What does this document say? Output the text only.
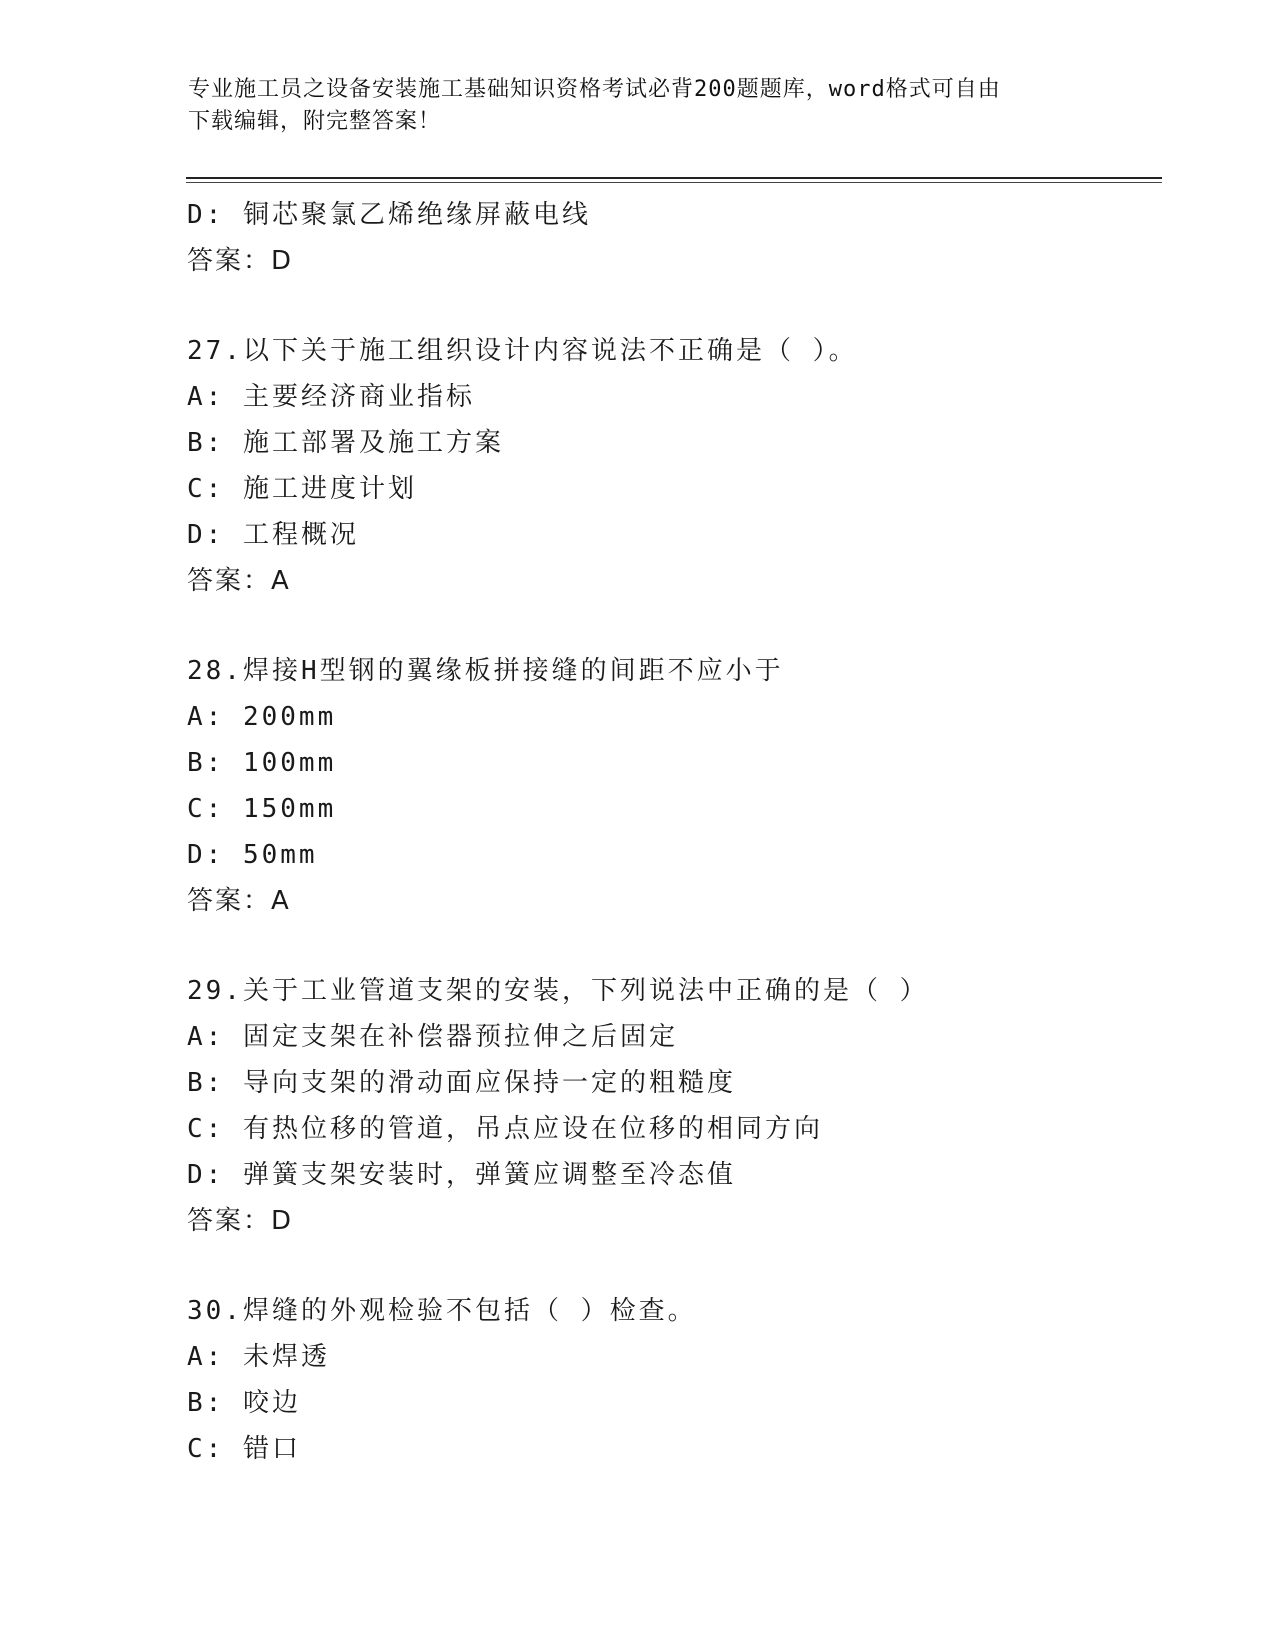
专业施工员之设备安装施工基础知识资格考试必背200题题库，word格式可自由
下载编辑，附完整答案！
D: 铜芯聚氯乙烯绝缘屏蔽电线
答案：D
27.以下关于施工组织设计内容说法不正确是（ ）。
A: 主要经济商业指标
B: 施工部署及施工方案
C: 施工进度计划
D: 工程概况
答案：A
28.焊接H型钢的翼缘板拼接缝的间距不应小于
A: 200mm
B: 100mm
C: 150mm
D: 50mm
答案：A
29.关于工业管道支架的安装，下列说法中正确的是（ ）
A: 固定支架在补偿器预拉伸之后固定
B: 导向支架的滑动面应保持一定的粗糙度
C: 有热位移的管道，吊点应设在位移的相同方向
D: 弹簧支架安装时，弹簧应调整至冷态值
答案：D
30.焊缝的外观检验不包括（ ）检查。
A: 未焊透
B: 咬边
C: 错口
